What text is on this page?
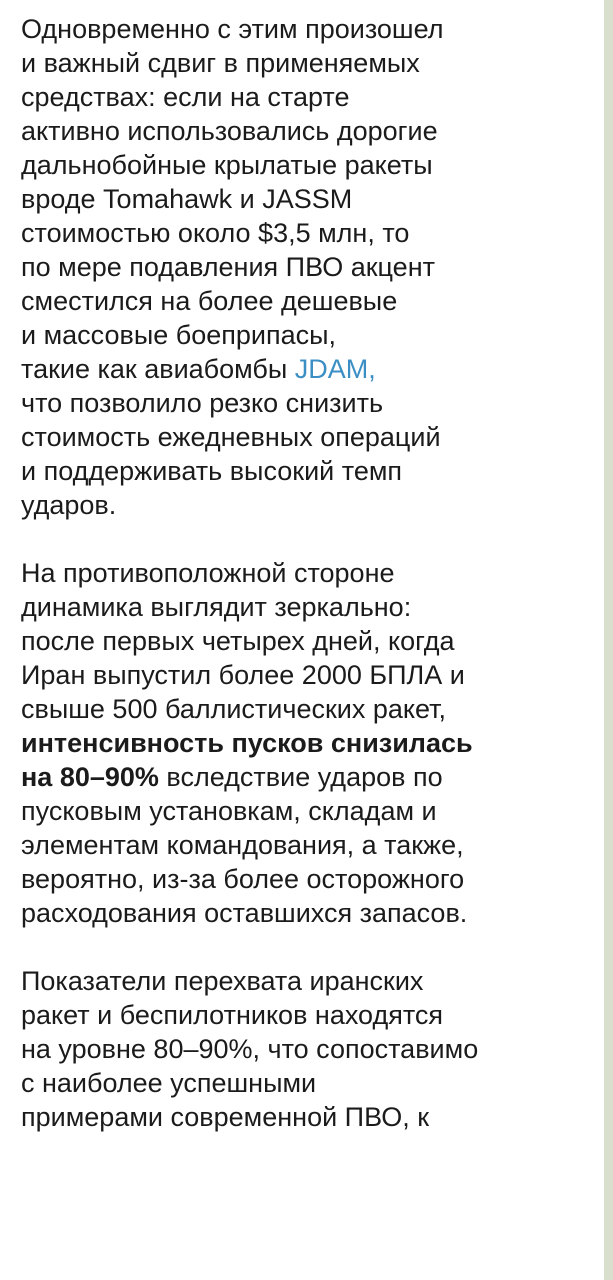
Одновременно с этим произошел
и важный сдвиг в применяемых
средствах: если на старте
активно использовались дорогие
дальнобойные крылатые ракеты
вроде Tomahawk и JASSM
стоимостью около $3,5 млн, то
по мере подавления ПВО акцент
сместился на более дешевые
и массовые боеприпасы,
такие как авиабомбы JDAM,
что позволило резко снизить
стоимость ежедневных операций
и поддерживать высокий темп
ударов.

На противоположной стороне
динамика выглядит зеркально:
после первых четырех дней, когда
Иран выпустил более 2000 БПЛА и
свыше 500 баллистических ракет,
интенсивность пусков снизилась
на 80–90% вследствие ударов по
пусковым установкам, складам и
элементам командования, а также,
вероятно, из-за более осторожного
расходования оставшихся запасов.

Показатели перехвата иранских
ракет и беспилотников находятся
на уровне 80–90%, что сопоставимо
с наиболее успешными
примерами современной ПВО, к
